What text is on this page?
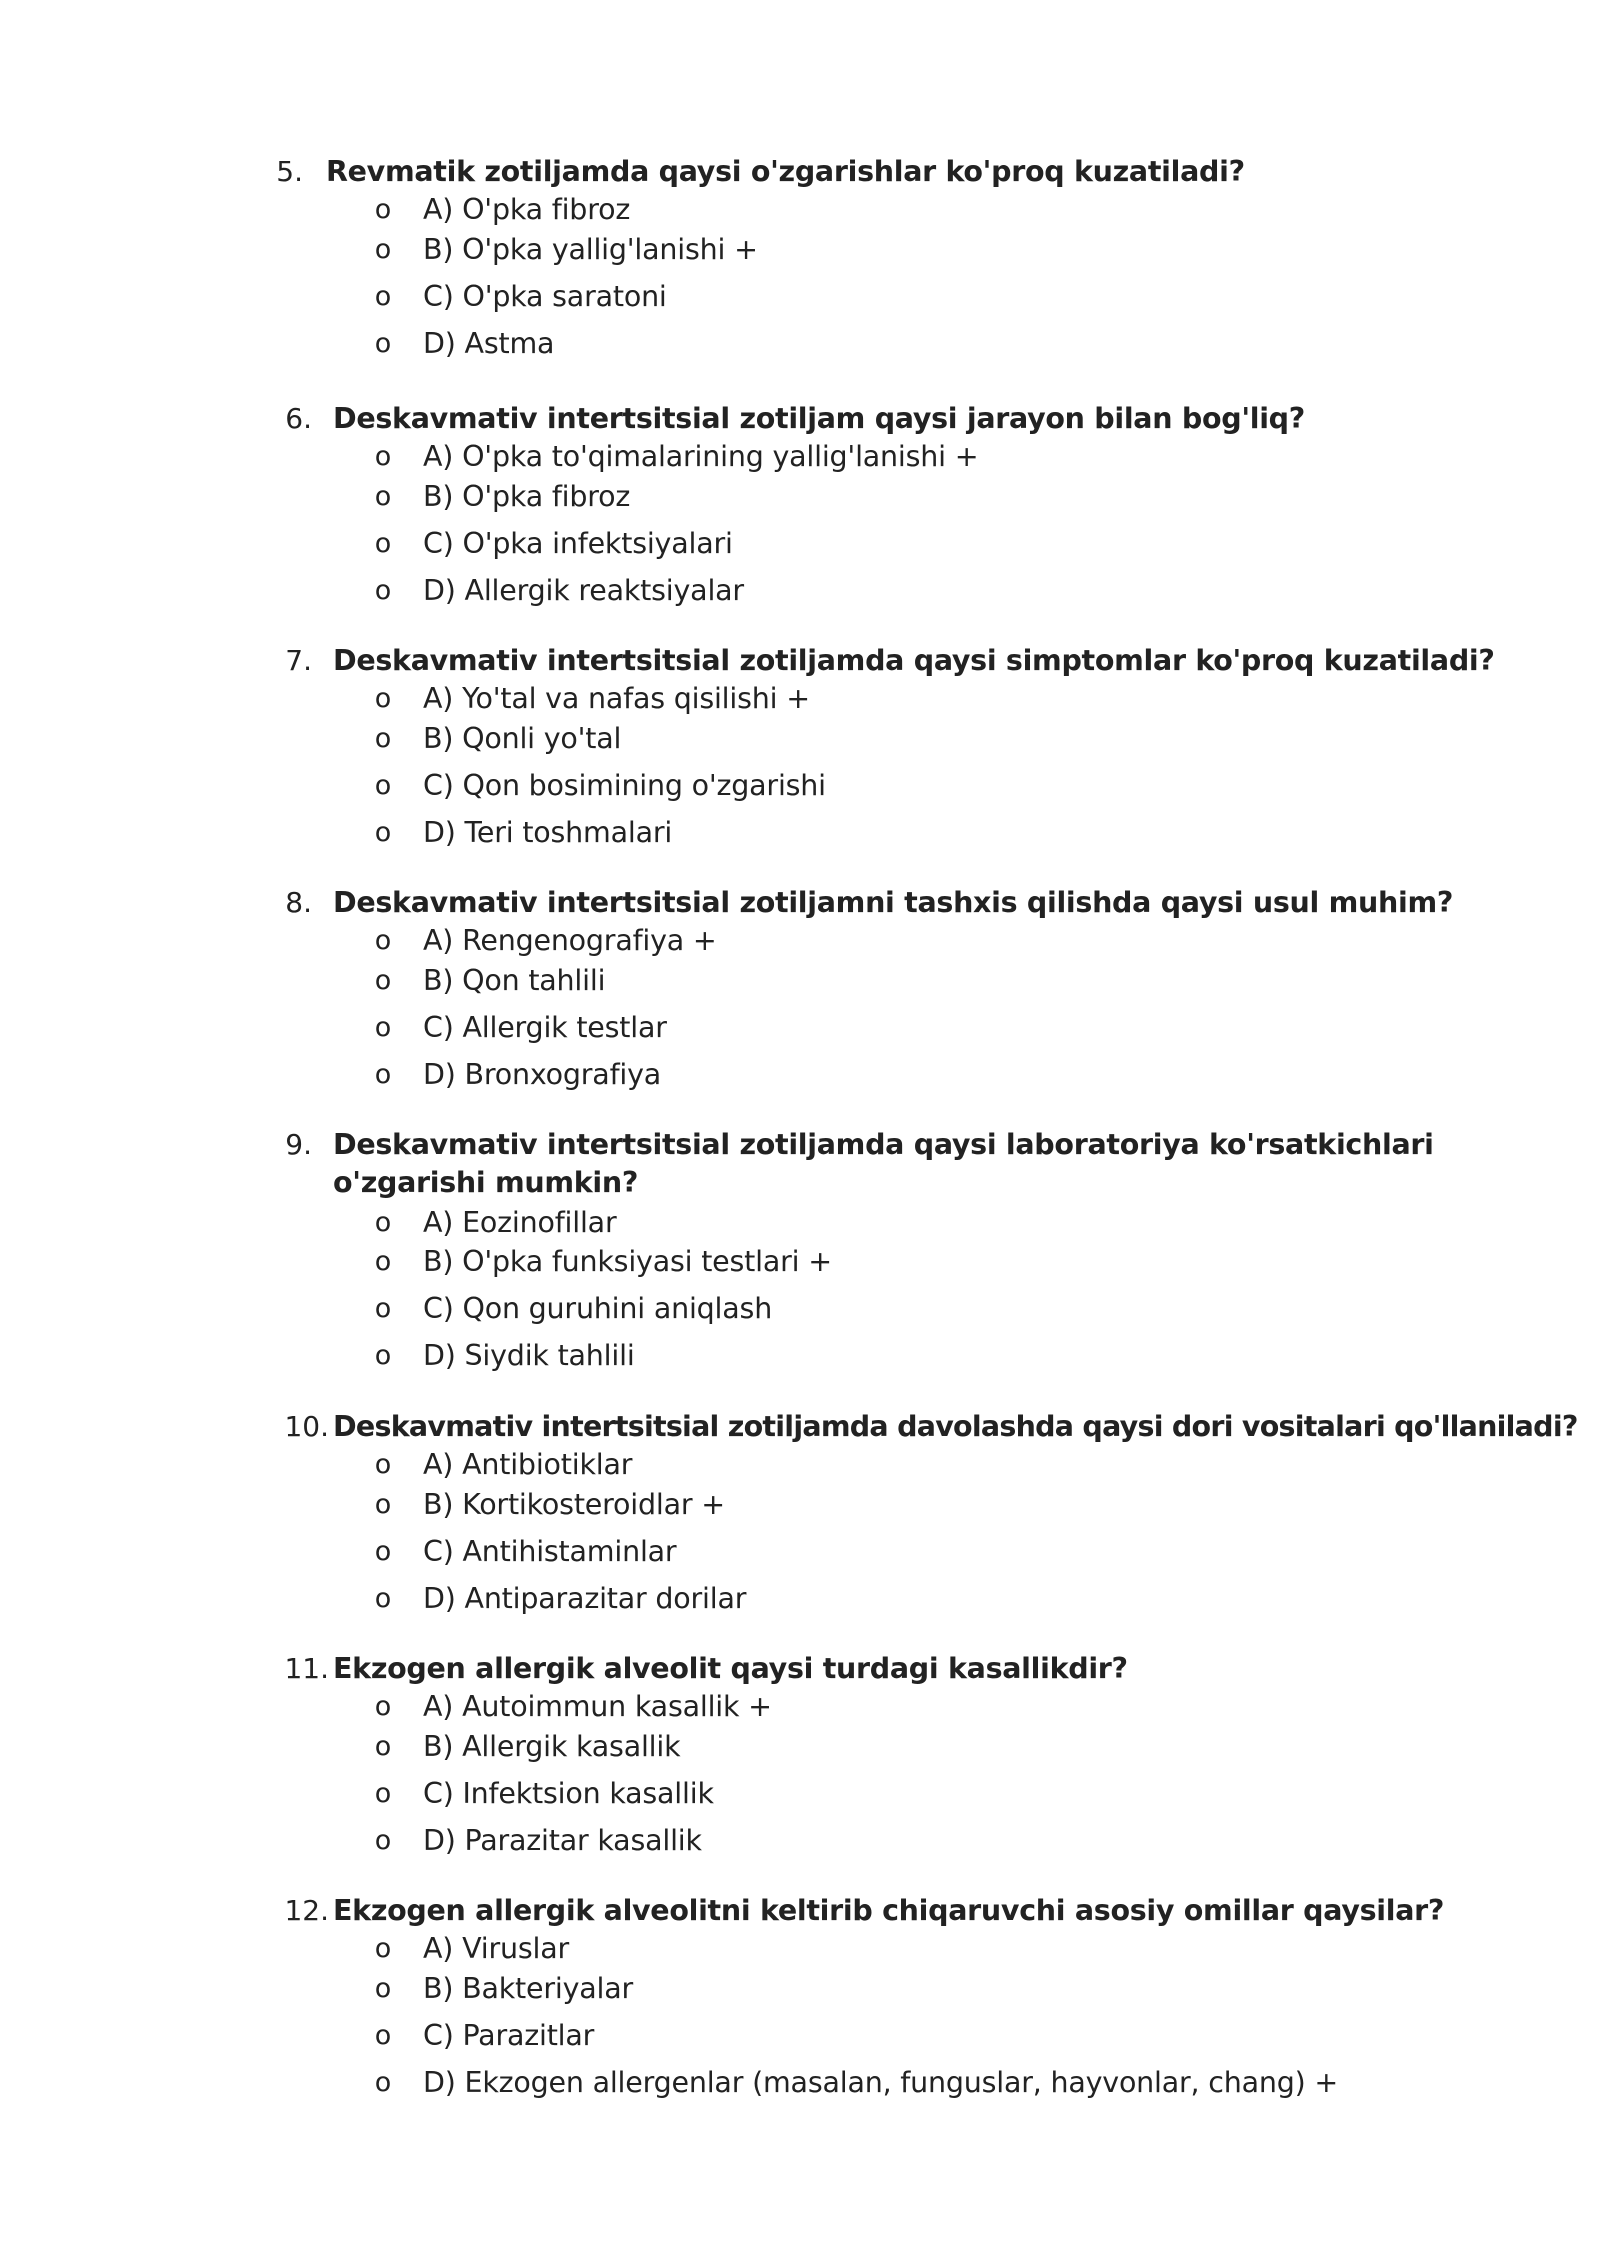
5. Revmatik zotiljamda qaysi o'zgarishlar ko'proq kuzatiladi?
o A) O'pka fibroz
o B) O'pka yallig'lanishi +
o C) O'pka saratoni
o D) Astma
6. Deskavmativ intertsitsial zotiljam qaysi jarayon bilan bog'liq?
o A) O'pka to'qimalarining yallig'lanishi +
o B) O'pka fibroz
o C) O'pka infektsiyalari
o D) Allergik reaktsiyalar
7. Deskavmativ intertsitsial zotiljamda qaysi simptomlar ko'proq kuzatiladi?
o A) Yo'tal va nafas qisilishi +
o B) Qonli yo'tal
o C) Qon bosimining o'zgarishi
o D) Teri toshmalari
8. Deskavmativ intertsitsial zotiljamni tashxis qilishda qaysi usul muhim?
o A) Rengenografiya +
o B) Qon tahlili
o C) Allergik testlar
o D) Bronxografiya
9. Deskavmativ intertsitsial zotiljamda qaysi laboratoriya ko'rsatkichlari o'zgarishi mumkin?
o A) Eozinofillar
o B) O'pka funksiyasi testlari +
o C) Qon guruhini aniqlash
o D) Siydik tahlili
10. Deskavmativ intertsitsial zotiljamda davolashda qaysi dori vositalari qo'llaniladi?
o A) Antibiotiklar
o B) Kortikosteroidlar +
o C) Antihistaminlar
o D) Antiparazitar dorilar
11. Ekzogen allergik alveolit qaysi turdagi kasallikdir?
o A) Autoimmun kasallik +
o B) Allergik kasallik
o C) Infektsion kasallik
o D) Parazitar kasallik
12. Ekzogen allergik alveolitni keltirib chiqaruvchi asosiy omillar qaysilar?
o A) Viruslar
o B) Bakteriyalar
o C) Parazitlar
o D) Ekzogen allergenlar (masalan, funguslar, hayvonlar, chang) +
